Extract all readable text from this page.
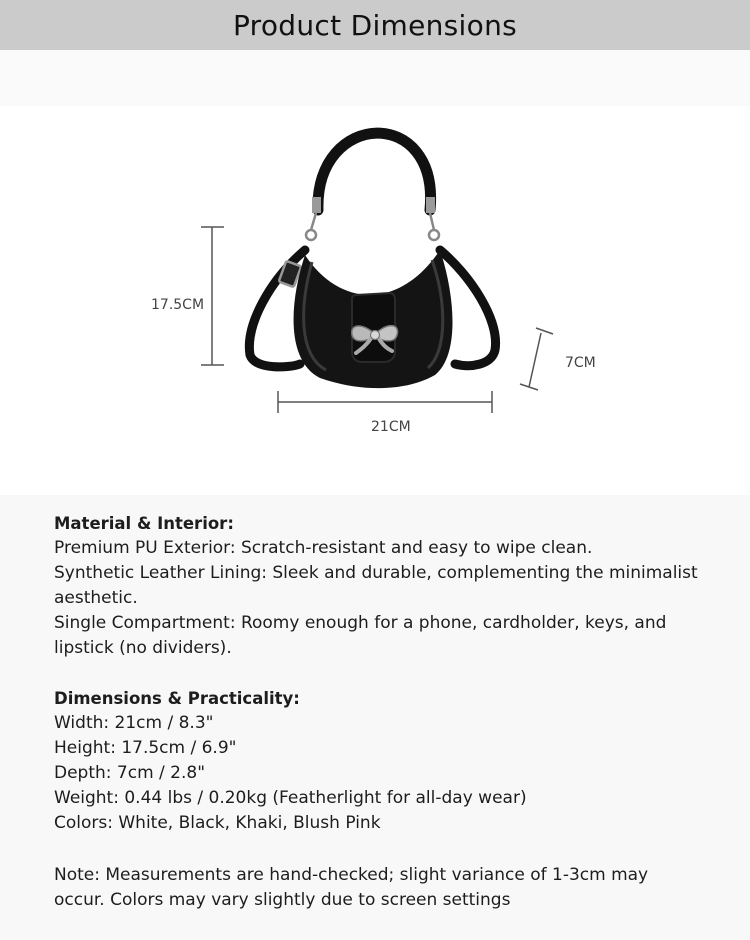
Product Dimensions
17.5CM
21CM
7CM
Material & Interior:
Premium PU Exterior: Scratch-resistant and easy to wipe clean.
Synthetic Leather Lining: Sleek and durable, complementing the minimalist
aesthetic.
Single Compartment: Roomy enough for a phone, cardholder, keys, and
lipstick (no dividers).
Dimensions & Practicality:
Width: 21cm / 8.3"
Height: 17.5cm / 6.9"
Depth: 7cm / 2.8"
Weight: 0.44 lbs / 0.20kg (Featherlight for all-day wear)
Colors: White, Black, Khaki, Blush Pink
Note: Measurements are hand-checked; slight variance of 1-3cm may
occur. Colors may vary slightly due to screen settings
